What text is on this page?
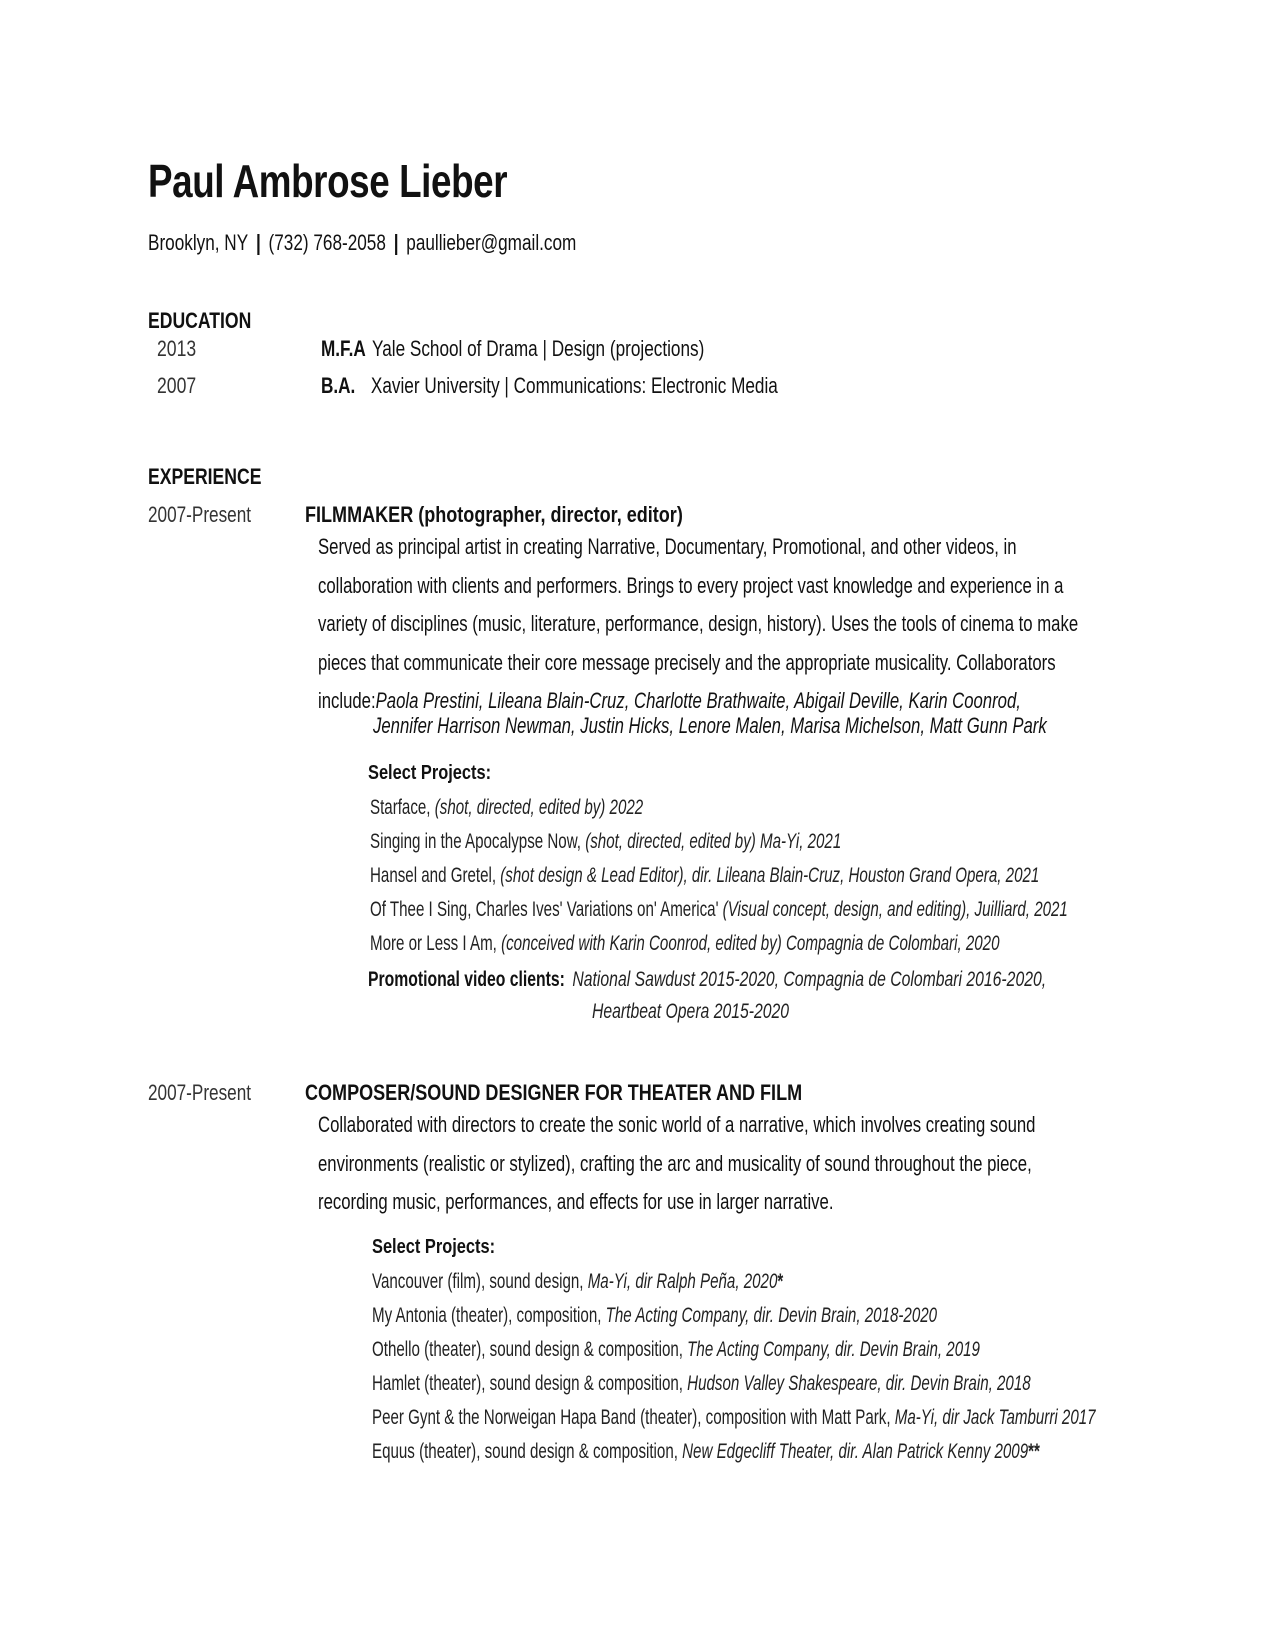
Paul Ambrose Lieber
Brooklyn, NY | (732) 768-2058 | paullieber@gmail.com
EDUCATION
2013	M.F.A Yale School of Drama | Design (projections)
2007	B.A. Xavier University | Communications: Electronic Media
EXPERIENCE
2007-Present	FILMMAKER (photographer, director, editor)
Served as principal artist in creating Narrative, Documentary, Promotional, and other videos, in
collaboration with clients and performers. Brings to every project vast knowledge and experience in a
variety of disciplines (music, literature, performance, design, history). Uses the tools of cinema to make
pieces that communicate their core message precisely and the appropriate musicality. Collaborators
include:Paola Prestini, Lileana Blain-Cruz, Charlotte Brathwaite, Abigail Deville, Karin Coonrod,
Jennifer Harrison Newman, Justin Hicks, Lenore Malen, Marisa Michelson, Matt Gunn Park
Select Projects:
Starface, (shot, directed, edited by) 2022
Singing in the Apocalypse Now, (shot, directed, edited by) Ma-Yi, 2021
Hansel and Gretel, (shot design & Lead Editor), dir. Lileana Blain-Cruz, Houston Grand Opera, 2021
Of Thee I Sing, Charles Ives' Variations on' America' (Visual concept, design, and editing), Juilliard, 2021
More or Less I Am, (conceived with Karin Coonrod, edited by) Compagnia de Colombari, 2020
Promotional video clients: National Sawdust 2015-2020, Compagnia de Colombari 2016-2020,
Heartbeat Opera 2015-2020
2007-Present	COMPOSER/SOUND DESIGNER FOR THEATER AND FILM
Collaborated with directors to create the sonic world of a narrative, which involves creating sound
environments (realistic or stylized), crafting the arc and musicality of sound throughout the piece,
recording music, performances, and effects for use in larger narrative.
Select Projects:
Vancouver (film), sound design, Ma-Yi, dir Ralph Peña, 2020*
My Antonia (theater), composition, The Acting Company, dir. Devin Brain, 2018-2020
Othello (theater), sound design & composition, The Acting Company, dir. Devin Brain, 2019
Hamlet (theater), sound design & composition, Hudson Valley Shakespeare, dir. Devin Brain, 2018
Peer Gynt & the Norweigan Hapa Band (theater), composition with Matt Park, Ma-Yi, dir Jack Tamburri 2017
Equus (theater), sound design & composition, New Edgecliff Theater, dir. Alan Patrick Kenny 2009**
